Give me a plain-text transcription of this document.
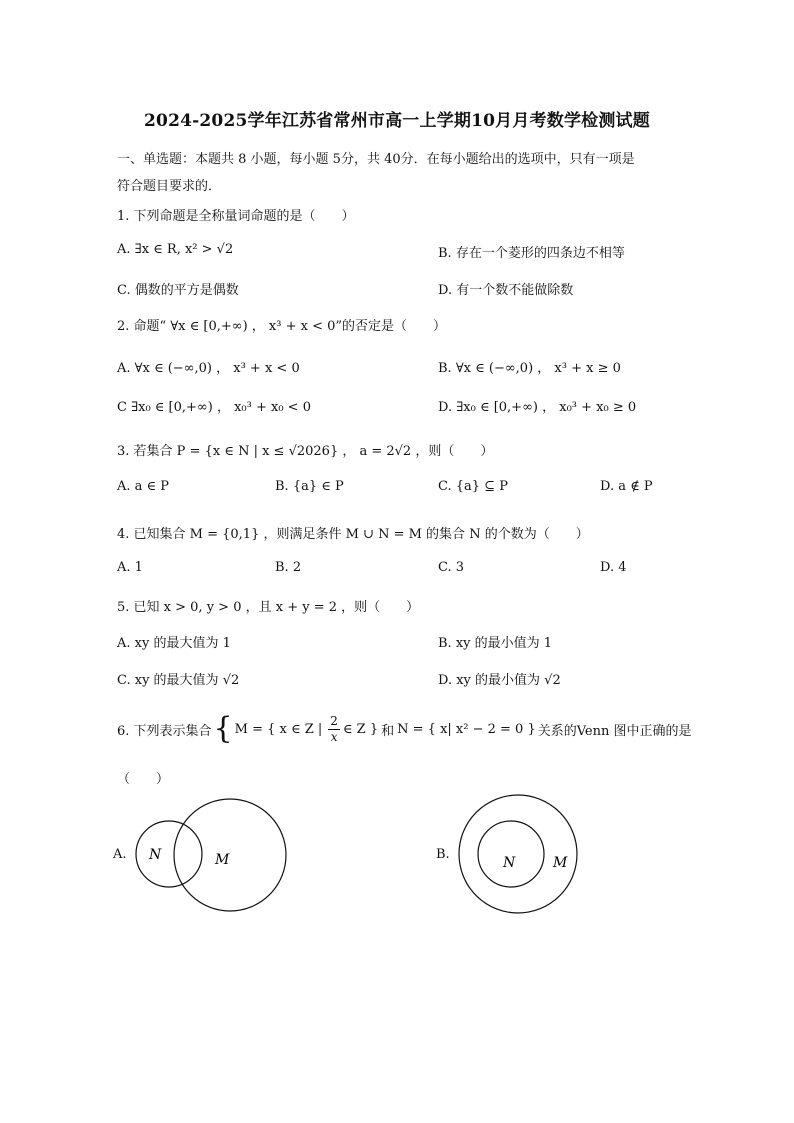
2024-2025学年江苏省常州市高一上学期10月月考数学检测试题
一、单选题：本题共 8 小题，每小题 5分，共 40分．在每小题给出的选项中，只有一项是
符合题目要求的．
1. 下列命题是全称量词命题的是（　　）
A. ∃x ∈ R, x² > √2	B. 存在一个菱形的四条边不相等
C. 偶数的平方是偶数	D. 有一个数不能做除数
2. 命题“ ∀x ∈ [0,+∞) ， x³ + x < 0”的否定是（　　）
A. ∀x ∈ (−∞,0) ， x³ + x < 0	B. ∀x ∈ (−∞,0) ， x³ + x ≥ 0
C ∃x₀ ∈ [0,+∞) ， x₀³ + x₀ < 0	D. ∃x₀ ∈ [0,+∞) ， x₀³ + x₀ ≥ 0
3. 若集合 P = {x ∈ N | x ≤ √2026} ， a = 2√2 ，则（　　）
A. a ∈ P	B. {a} ∈ P	C. {a} ⊆ P	D. a ∉ P
4. 已知集合 M = {0,1} ，则满足条件 M ∪ N = M 的集合 N 的个数为（　　）
A. 1	B. 2	C. 3	D. 4
5. 已知 x > 0, y > 0 ，且 x + y = 2 ，则（　　）
A. xy 的最大值为 1	B. xy 的最小值为 1
C. xy 的最大值为 √2	D. xy 的最小值为 √2
6. 下列表示集合 { M = { x ∈ Z | $\frac{2}{x}$ ∈ Z } 和 N = { x| x² − 2 = 0 } 关系的Venn 图中正确的是
（　　）
A. N	M	B.
N	M
